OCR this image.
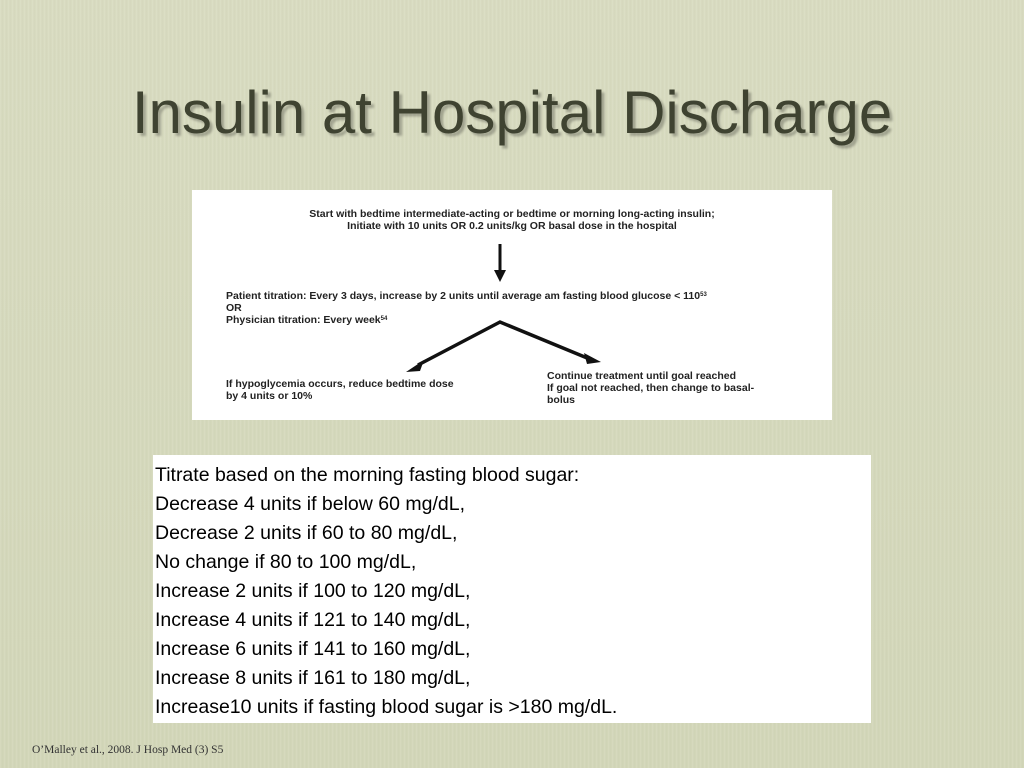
Insulin at Hospital Discharge
Start with bedtime intermediate-acting or bedtime or morning long-acting insulin;
Initiate with 10 units OR 0.2 units/kg OR basal dose in the hospital
Patient titration: Every 3 days, increase by 2 units until average am fasting blood $glucose < 110^{53}$
OR
Physician titration: Every week$^{54}$
If hypoglycemia occurs, reduce bedtime dose
by 4 units or 10%
Continue treatment until goal reached
If goal not reached, then change to basal-
bolus
Titrate based on the morning fasting blood sugar:
Decrease 4 units if below 60 mg/dL,
Decrease 2 units if 60 to 80 mg/dL,
No change if 80 to 100 mg/dL,
Increase 2 units if 100 to 120 mg/dL,
Increase 4 units if 121 to 140 mg/dL,
Increase 6 units if 141 to 160 mg/dL,
Increase 8 units if 161 to 180 mg/dL,
Increase10 units if fasting blood sugar is >180 mg/dL.
O’Malley et al., 2008. J Hosp Med (3) S5
